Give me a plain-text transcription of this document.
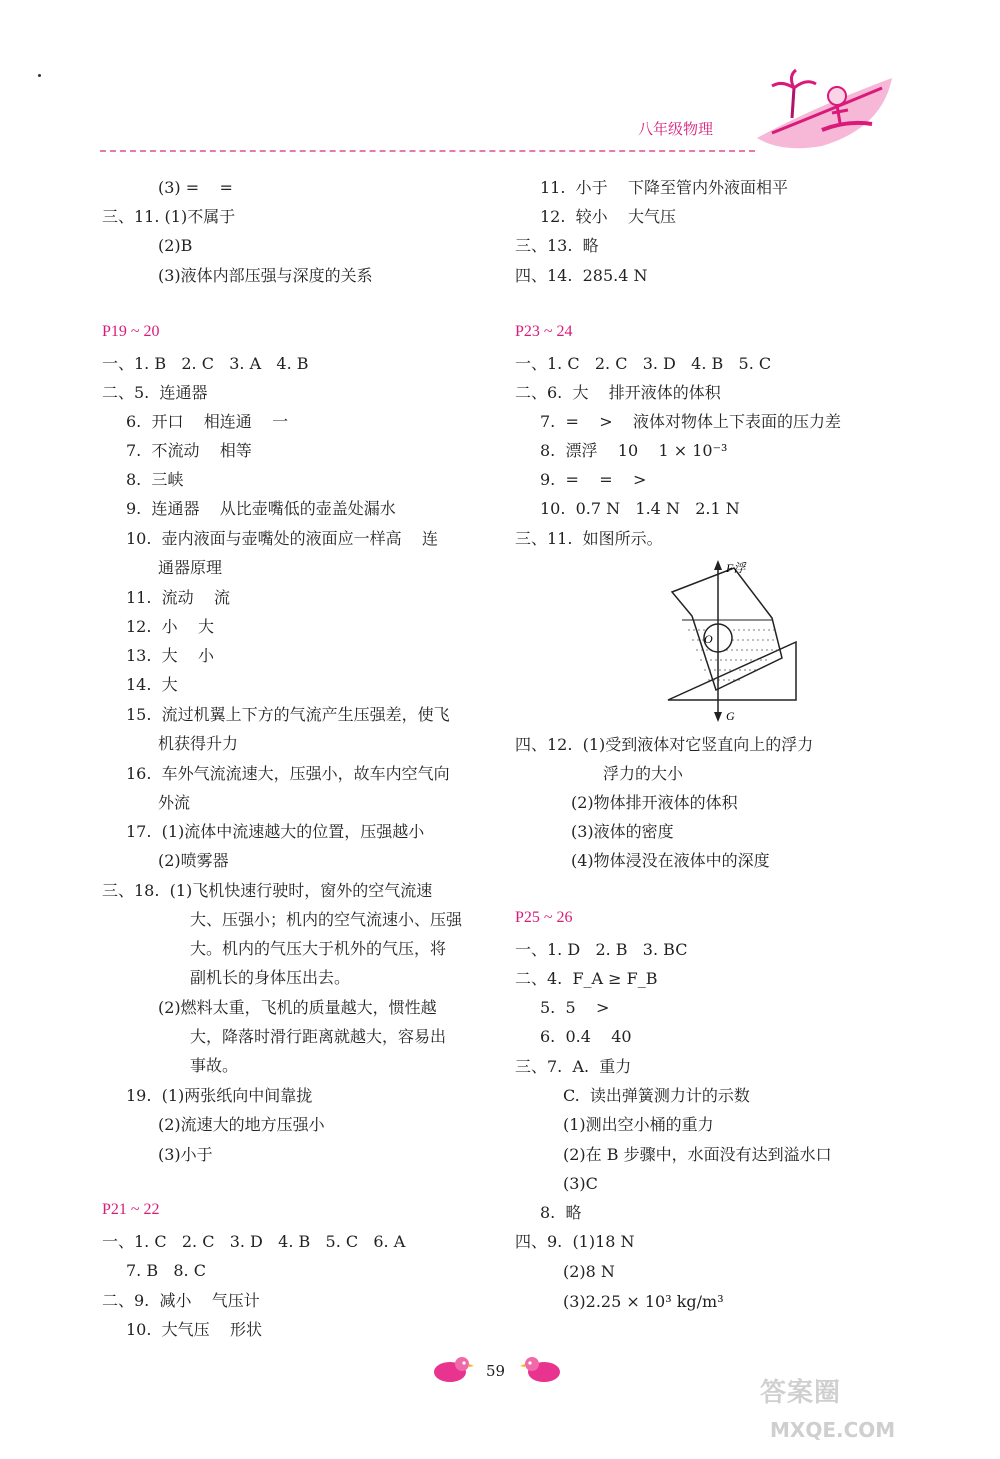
八年级物理
(3) =    =
三、11. (1)不属于
(2)B
(3)液体内部压强与深度的关系
P19 ~ 20
一、1. B   2. C   3. A   4. B
二、5.  连通器
6.  开口    相连通    一
7.  不流动    相等
8.  三峡
9.  连通器    从比壶嘴低的壶盖处漏水
10.  壶内液面与壶嘴处的液面应一样高    连
通器原理
11.  流动    流
12.  小    大
13.  大    小
14.  大
15.  流过机翼上下方的气流产生压强差，使飞
机获得升力
16.  车外气流流速大，压强小，故车内空气向
外流
17.  (1)流体中流速越大的位置，压强越小
(2)喷雾器
三、18.  (1)飞机快速行驶时，窗外的空气流速
大、压强小；机内的空气流速小、压强
大。机内的气压大于机外的气压，将
副机长的身体压出去。
(2)燃料太重，飞机的质量越大，惯性越
大，降落时滑行距离就越大，容易出
事故。
19.  (1)两张纸向中间靠拢
(2)流速大的地方压强小
(3)小于
P21 ~ 22
一、1. C   2. C   3. D   4. B   5. C   6. A
7. B   8. C
二、9.  减小    气压计
10.  大气压    形状
11.  小于    下降至管内外液面相平
12.  较小    大气压
三、13.  略
四、14.  285.4 N
P23 ~ 24
一、1. C   2. C   3. D   4. B   5. C
二、6.  大    排开液体的体积
7.  =    >    液体对物体上下表面的压力差
8.  漂浮    10    1 × 10⁻³
9.  =    =    >
10.  0.7 N   1.4 N   2.1 N
三、11.  如图所示。
四、12.  (1)受到液体对它竖直向上的浮力
浮力的大小
(2)物体排开液体的体积
(3)液体的密度
(4)物体浸没在液体中的深度
P25 ~ 26
一、1. D   2. B   3. BC
二、4.  F_A ≥ F_B
5.  5    >
6.  0.4    40
三、7.  A.  重力
C.  读出弹簧测力计的示数
(1)测出空小桶的重力
(2)在 B 步骤中，水面没有达到溢水口
(3)C
8.  略
四、9.  (1)18 N
(2)8 N
(3)2.25 × 10³ kg/m³
F浮
G
O
59
答案圈
MXQE.COM
